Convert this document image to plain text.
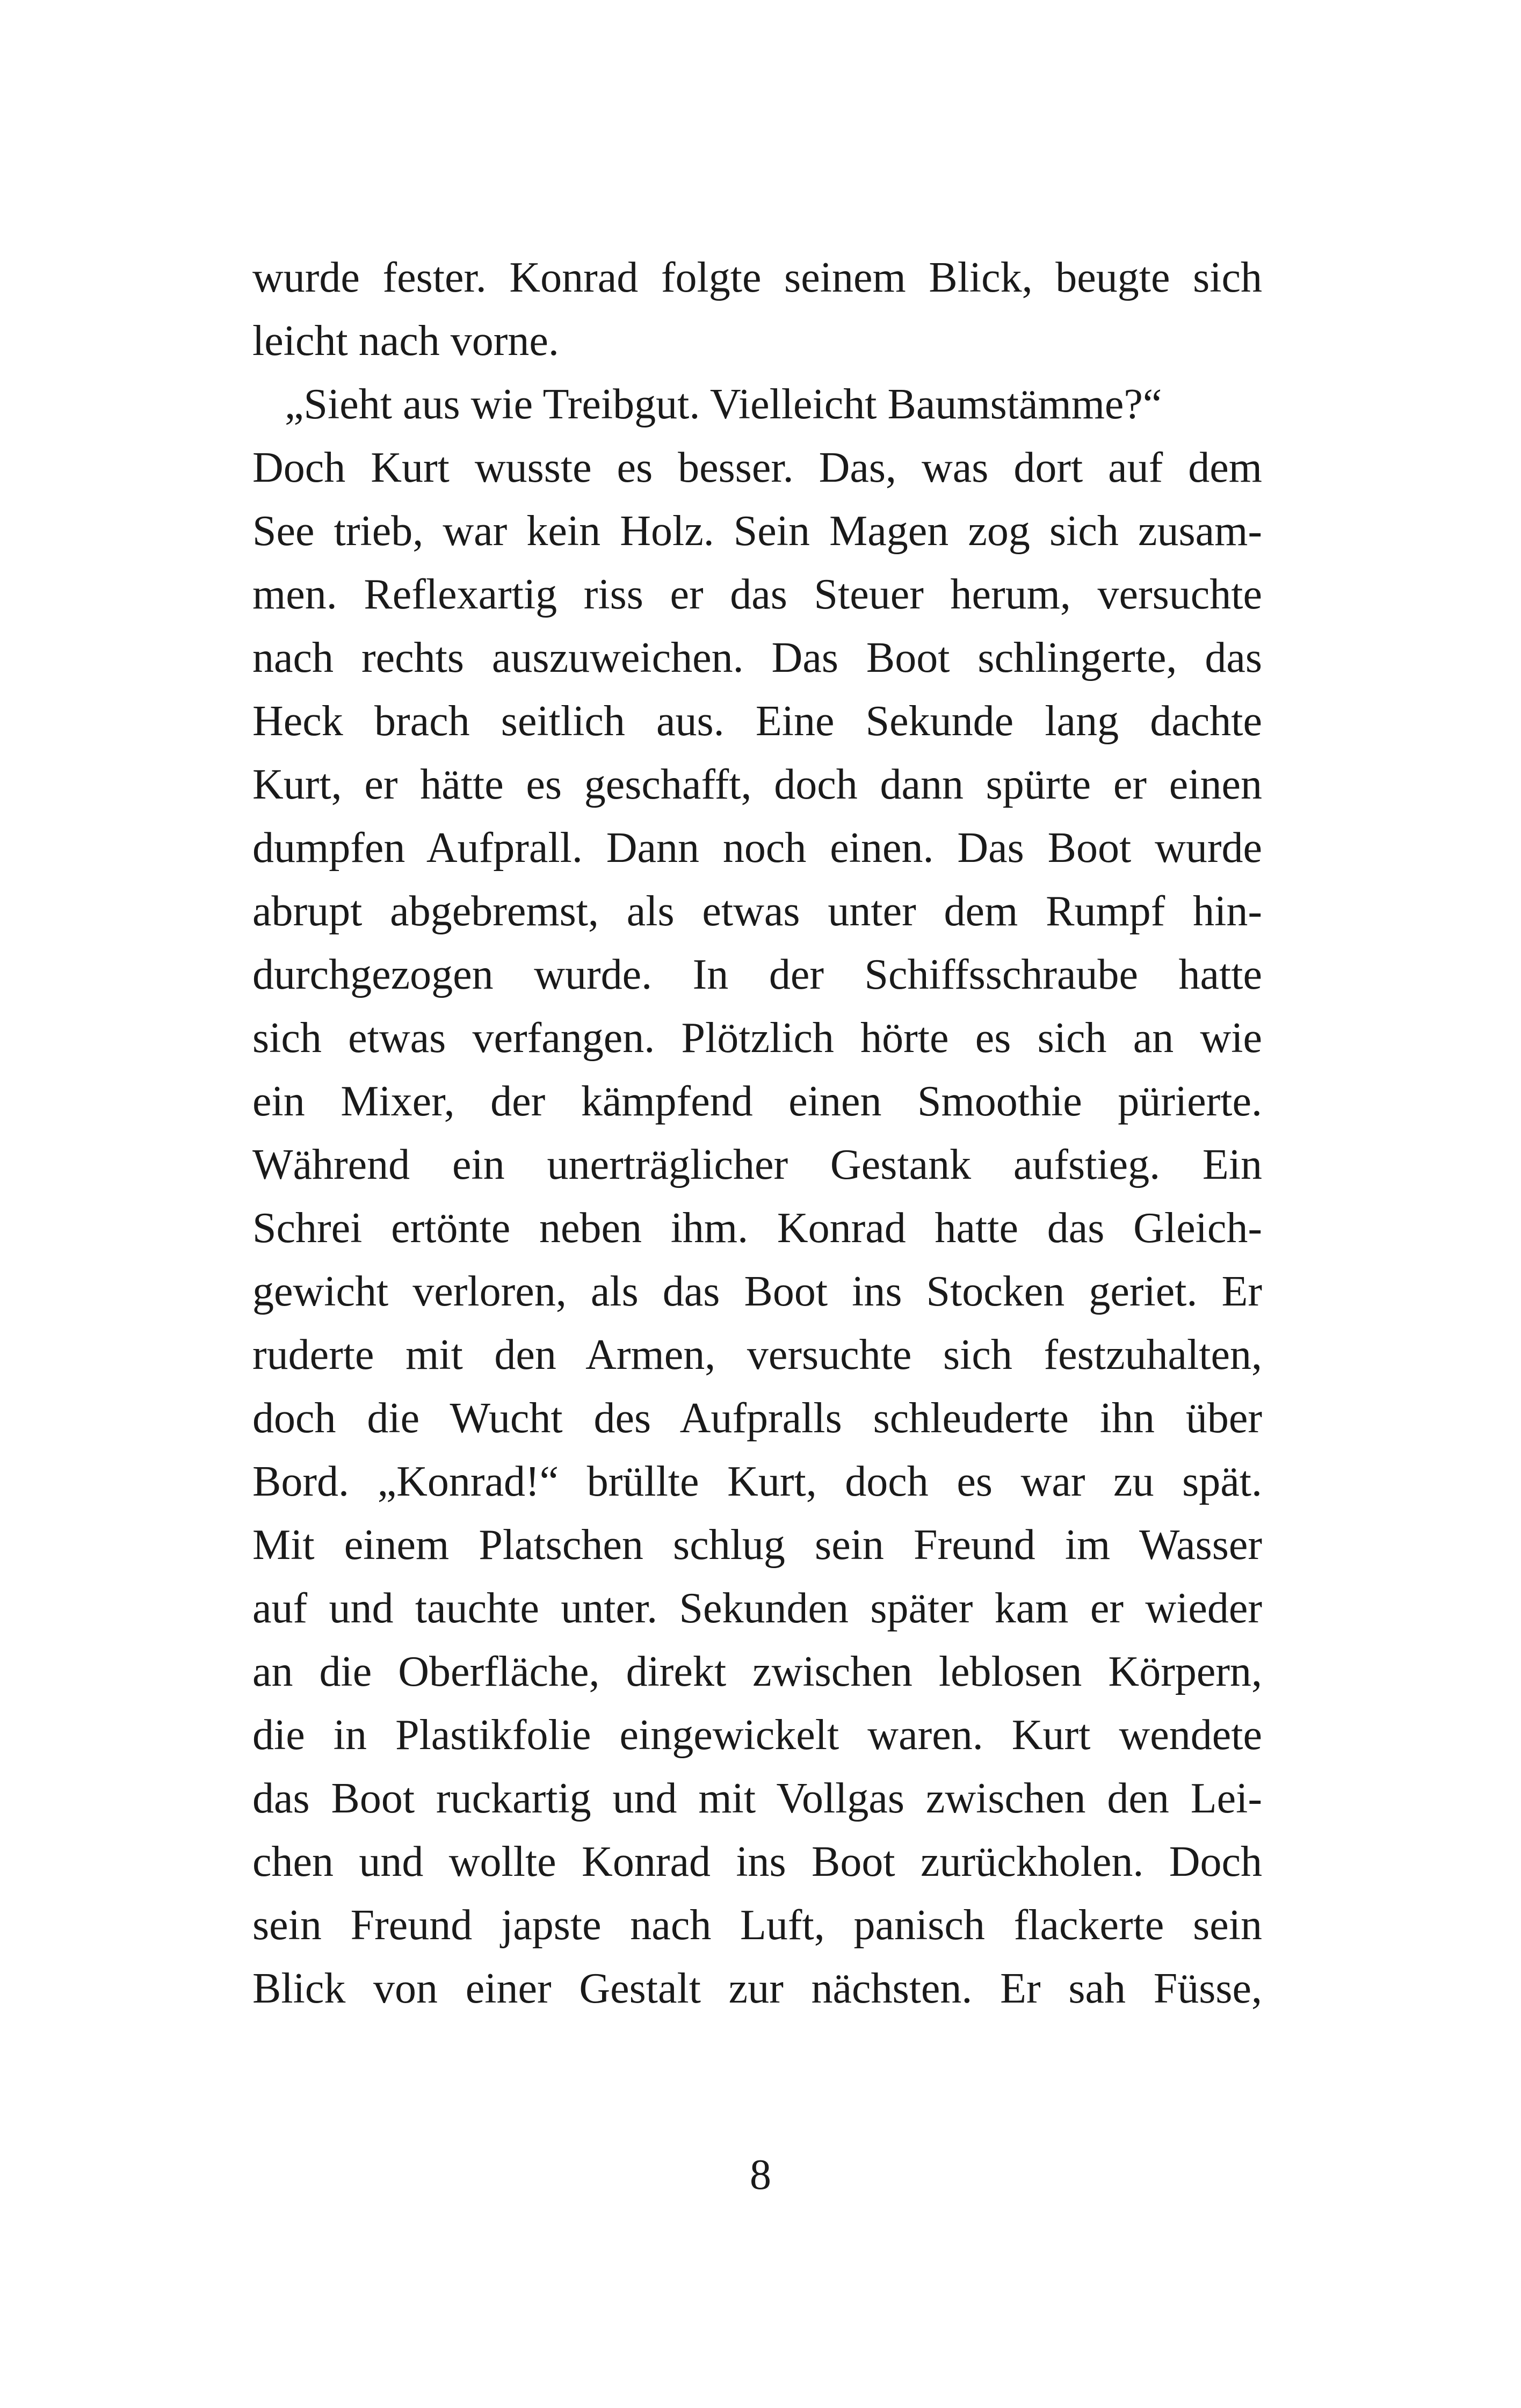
wurde fester. Konrad folgte seinem Blick, beugte sich
leicht nach vorne.
„Sieht aus wie Treibgut. Vielleicht Baumstämme?“
Doch Kurt wusste es besser. Das, was dort auf dem
See trieb, war kein Holz. Sein Magen zog sich zusam-
men. Reflexartig riss er das Steuer herum, versuchte
nach rechts auszuweichen. Das Boot schlingerte, das
Heck brach seitlich aus. Eine Sekunde lang dachte
Kurt, er hätte es geschafft, doch dann spürte er einen
dumpfen Aufprall. Dann noch einen. Das Boot wurde
abrupt abgebremst, als etwas unter dem Rumpf hin-
durchgezogen wurde. In der Schiffsschraube hatte
sich etwas verfangen. Plötzlich hörte es sich an wie
ein Mixer, der kämpfend einen Smoothie pürierte.
Während ein unerträglicher Gestank aufstieg. Ein
Schrei ertönte neben ihm. Konrad hatte das Gleich-
gewicht verloren, als das Boot ins Stocken geriet. Er
ruderte mit den Armen, versuchte sich festzuhalten,
doch die Wucht des Aufpralls schleuderte ihn über
Bord. „Konrad!“ brüllte Kurt, doch es war zu spät.
Mit einem Platschen schlug sein Freund im Wasser
auf und tauchte unter. Sekunden später kam er wieder
an die Oberfläche, direkt zwischen leblosen Körpern,
die in Plastikfolie eingewickelt waren. Kurt wendete
das Boot ruckartig und mit Vollgas zwischen den Lei-
chen und wollte Konrad ins Boot zurückholen. Doch
sein Freund japste nach Luft, panisch flackerte sein
Blick von einer Gestalt zur nächsten. Er sah Füsse,
8
